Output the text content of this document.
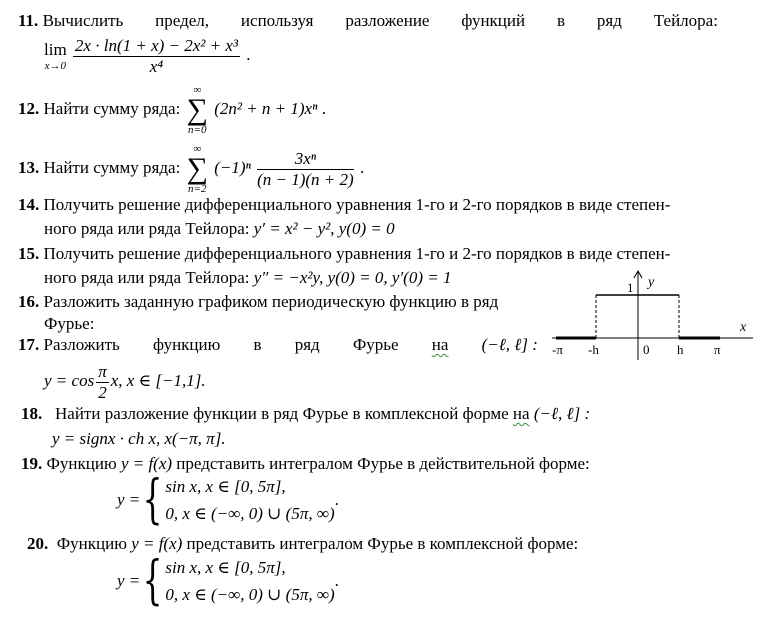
11. Вычислить предел, используя разложение функций в ряд Тейлора:
lim
x→0
$\frac{\text{2x · ln(1 + x) − 2x² + x³}}{\text{x⁴}}$ .
12. Найти сумму ряда:
∞
∑
n=0
(2n² + n + 1)xⁿ .
13. Найти сумму ряда:
∞
∑
n=2
$(-1)^n \frac{\text{3xⁿ}}{(n - 1)(n + 2)}$ .
14. Получить решение дифференциального уравнения 1-го и 2-го порядков в виде степен-
ного ряда или ряда Тейлора: y′ = x² − y², y(0) = 0
15. Получить решение дифференциального уравнения 1-го и 2-го порядков в виде степен-
ного ряда или ряда Тейлора: y″ = −x²y, y(0) = 0, y′(0) = 1
16. Разложить заданную графиком периодическую функцию в ряд
Фурье:
y
1
x
-π -h	0 h π
17. Разложить функцию в ряд Фурье на (−ℓ, ℓ] :
$y = \cos \frac{\pi}{2} x$, x ∈ [−1,1].
18. Найти разложение функции в ряд Фурье в комплексной форме на (−ℓ, ℓ] :
y = signx · ch x, x(−π, π].
19. Функцию y = f(x) представить интегралом Фурье в действительной форме:
y ={ sin x, x ∈ [0, 5π],
0, x ∈ (−∞, 0) ∪ (5π, ∞)
.
20. Функцию y = f(x) представить интегралом Фурье в комплексной форме:
y ={ sin x, x ∈ [0, 5π],
0, x ∈ (−∞, 0) ∪ (5π, ∞)
.
